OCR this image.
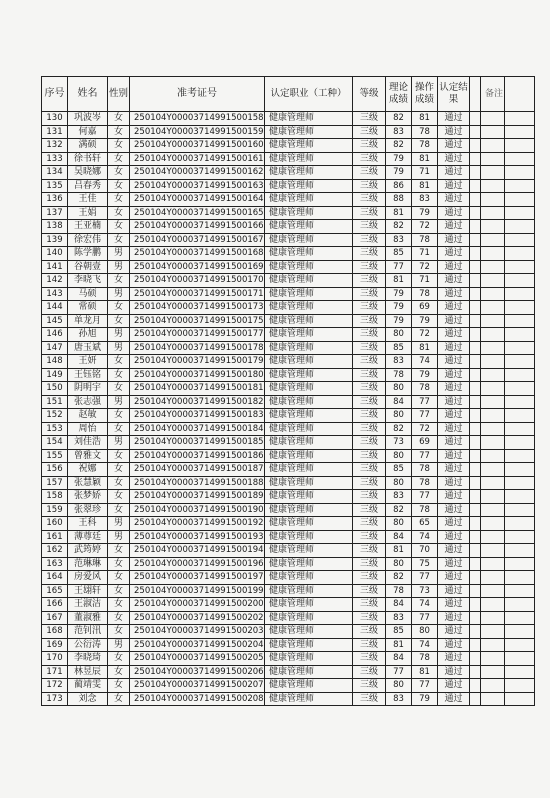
序号	姓名	性别	准考证号	认定职业（工种）	等级	理论成绩	操作成绩	认定结果		备注	
130	巩波岑	女	250104Y00003714991500158	健康管理师	三级	82	81	通过			
131	何嘉	女	250104Y00003714991500159	健康管理师	三级	83	78	通过			
132	满硕	女	250104Y00003714991500160	健康管理师	三级	82	78	通过			
133	徐书轩	女	250104Y00003714991500161	健康管理师	三级	79	81	通过			
134	吴晓娜	女	250104Y00003714991500162	健康管理师	三级	79	71	通过			
135	吕春秀	女	250104Y00003714991500163	健康管理师	三级	86	81	通过			
136	王佳	女	250104Y00003714991500164	健康管理师	三级	88	83	通过			
137	王娟	女	250104Y00003714991500165	健康管理师	三级	81	79	通过			
138	王亚楠	女	250104Y00003714991500166	健康管理师	三级	82	72	通过			
139	徐宏伟	女	250104Y00003714991500167	健康管理师	三级	83	78	通过			
140	陈学鹏	男	250104Y00003714991500168	健康管理师	三级	85	71	通过			
141	谷朝壹	男	250104Y00003714991500169	健康管理师	三级	77	72	通过			
142	李晓飞	女	250104Y00003714991500170	健康管理师	三级	81	71	通过			
143	马硕	男	250104Y00003714991500171	健康管理师	三级	79	78	通过			
144	常硕	女	250104Y00003714991500173	健康管理师	三级	79	69	通过			
145	单龙月	女	250104Y00003714991500175	健康管理师	三级	79	79	通过			
146	孙旭	男	250104Y00003714991500177	健康管理师	三级	80	72	通过			
147	唐玉斌	男	250104Y00003714991500178	健康管理师	三级	85	81	通过			
148	王妍	女	250104Y00003714991500179	健康管理师	三级	83	74	通过			
149	王钰铭	女	250104Y00003714991500180	健康管理师	三级	78	79	通过			
150	阴明宇	女	250104Y00003714991500181	健康管理师	三级	80	78	通过			
151	张志强	男	250104Y00003714991500182	健康管理师	三级	84	77	通过			
152	赵敏	女	250104Y00003714991500183	健康管理师	三级	80	77	通过			
153	周怡	女	250104Y00003714991500184	健康管理师	三级	82	72	通过			
154	刘佳浩	男	250104Y00003714991500185	健康管理师	三级	73	69	通过			
155	曾雅文	女	250104Y00003714991500186	健康管理师	三级	80	77	通过			
156	祝娜	女	250104Y00003714991500187	健康管理师	三级	85	78	通过			
157	张慧颖	女	250104Y00003714991500188	健康管理师	三级	80	78	通过			
158	张梦娇	女	250104Y00003714991500189	健康管理师	三级	83	77	通过			
159	张翠珍	女	250104Y00003714991500190	健康管理师	三级	82	78	通过			
160	王科	男	250104Y00003714991500192	健康管理师	三级	80	65	通过			
161	薄尊廷	男	250104Y00003714991500193	健康管理师	三级	84	74	通过			
162	武筠婷	女	250104Y00003714991500194	健康管理师	三级	81	70	通过			
163	范琳琳	女	250104Y00003714991500196	健康管理师	三级	80	75	通过			
164	房爱风	女	250104Y00003714991500197	健康管理师	三级	82	77	通过			
165	王翃轩	女	250104Y00003714991500199	健康管理师	三级	78	73	通过			
166	王淑洁	女	250104Y00003714991500200	健康管理师	三级	84	74	通过			
167	董淑雅	女	250104Y00003714991500202	健康管理师	三级	83	77	通过			
168	范钊汛	女	250104Y00003714991500203	健康管理师	三级	85	80	通过			
169	公衍涛	男	250104Y00003714991500204	健康管理师	三级	81	74	通过			
170	李晓琦	女	250104Y00003714991500205	健康管理师	三级	84	78	通过			
171	林昱辰	女	250104Y00003714991500206	健康管理师	三级	77	81	通过			
172	蔺靖雯	女	250104Y00003714991500207	健康管理师	三级	80	77	通过			
173	刘念	女	250104Y00003714991500208	健康管理师	三级	83	79	通过			
